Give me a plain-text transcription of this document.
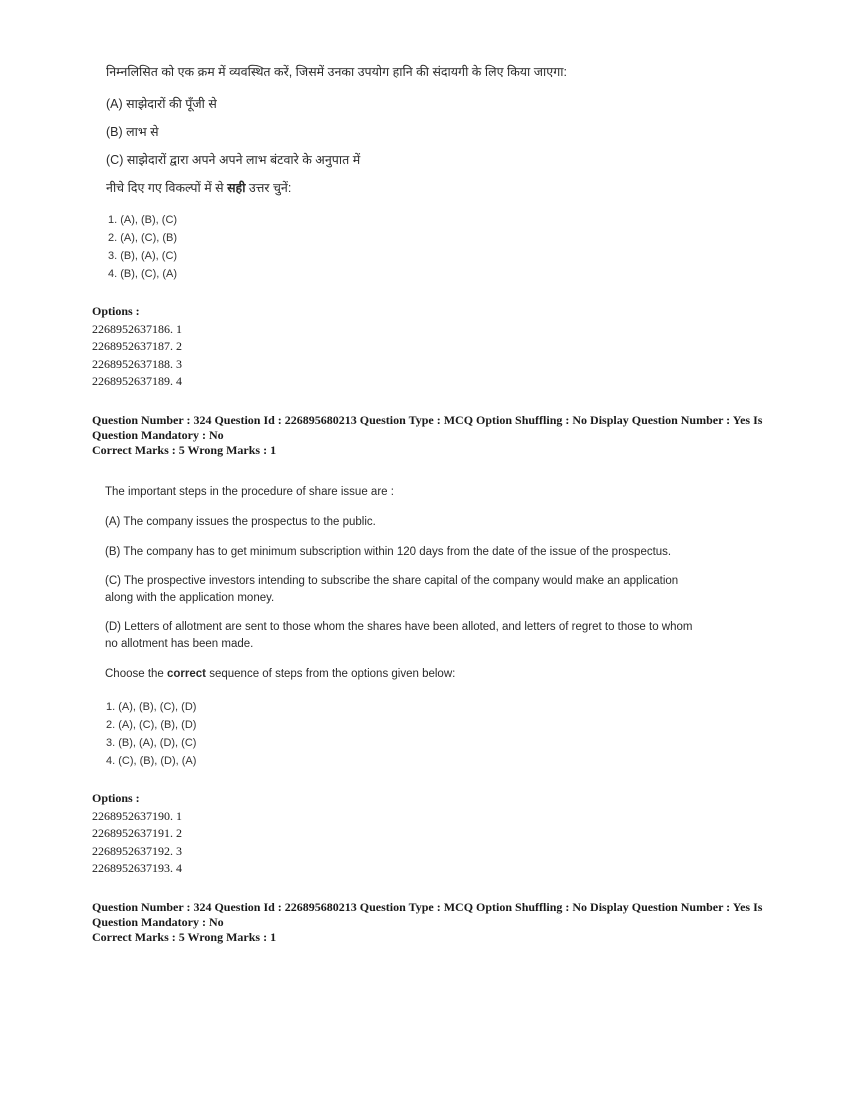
निम्नलिसित को एक क्रम में व्यवस्थित करें, जिसमें उनका उपयोग हानि की संदायगी के लिए किया जाएगा:

(A) साझेदारों की पूँजी से

(B) लाभ से

(C) साझेदारों द्वारा अपने अपने लाभ बंटवारे के अनुपात में

नीचे दिए गए विकल्पों में से सही उत्तर चुनें:

1. (A), (B), (C)
2. (A), (C), (B)
3. (B), (A), (C)
4. (B), (C), (A)
Options :
2268952637186. 1
2268952637187. 2
2268952637188. 3
2268952637189. 4
Question Number : 324 Question Id : 226895680213 Question Type : MCQ Option Shuffling : No Display Question Number : Yes Is
Question Mandatory : No
Correct Marks : 5 Wrong Marks : 1

The important steps in the procedure of share issue are :

(A) The company issues the prospectus to the public.

(B) The company has to get minimum subscription within 120 days from the date of the issue of the prospectus.

(C) The prospective investors intending to subscribe the share capital of the company would make an application
along with the application money.

(D) Letters of allotment are sent to those whom the shares have been alloted, and letters of regret to those to whom
no allotment has been made.

Choose the correct sequence of steps from the options given below:

1. (A), (B), (C), (D)
2. (A), (C), (B), (D)
3. (B), (A), (D), (C)
4. (C), (B), (D), (A)
Options :
2268952637190. 1
2268952637191. 2
2268952637192. 3
2268952637193. 4
Question Number : 324 Question Id : 226895680213 Question Type : MCQ Option Shuffling : No Display Question Number : Yes Is
Question Mandatory : No
Correct Marks : 5 Wrong Marks : 1
